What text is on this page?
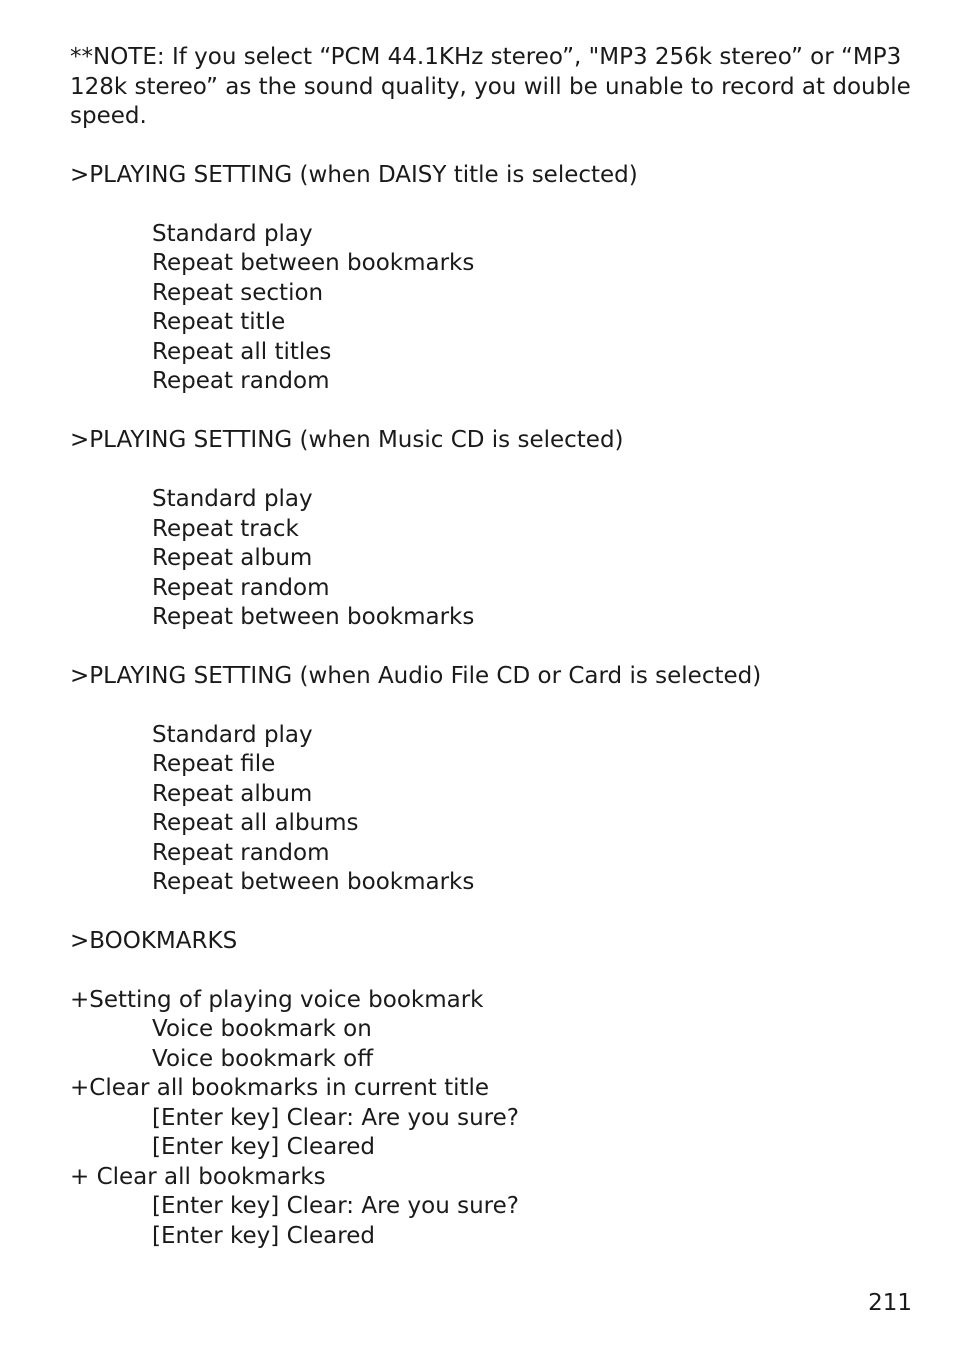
**NOTE: If you select “PCM 44.1KHz stereo”, "MP3 256k stereo” or “MP3
128k stereo” as the sound quality, you will be unable to record at double
speed.
>PLAYING SETTING (when DAISY title is selected)
Standard play
Repeat between bookmarks
Repeat section
Repeat title
Repeat all titles
Repeat random
>PLAYING SETTING (when Music CD is selected)
Standard play
Repeat track
Repeat album
Repeat random
Repeat between bookmarks
>PLAYING SETTING (when Audio File CD or Card is selected)
Standard play
Repeat file
Repeat album
Repeat all albums
Repeat random
Repeat between bookmarks
>BOOKMARKS
+Setting of playing voice bookmark
Voice bookmark on
Voice bookmark off
+Clear all bookmarks in current title
[Enter key] Clear: Are you sure?
[Enter key] Cleared
+ Clear all bookmarks
[Enter key] Clear: Are you sure?
[Enter key] Cleared
211
